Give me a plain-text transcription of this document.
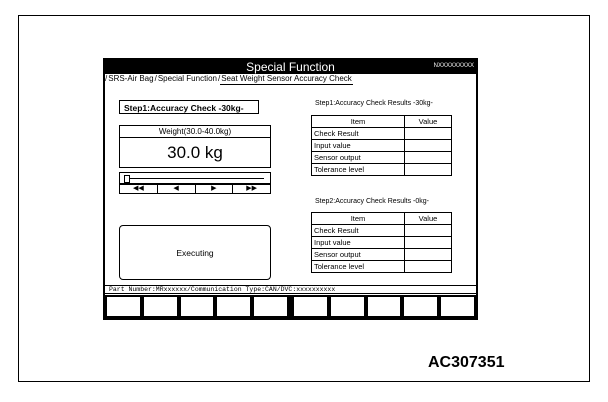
Special Function	NXXXXXXXXX
/SRS-Air Bag/Special Function/Seat Weight Sensor Accuracy Check
Step1:Accuracy Check -30kg-
Weight(30.0-40.0kg)
30.0 kg
◀◀	◀	▶	▶▶
Executing
Step1:Accuracy Check Results -30kg-
Item	Value
Check Result	
Input value	
Sensor output	
Tolerance level	
Step2:Accuracy Check Results -0kg-
Item	Value
Check Result	
Input value	
Sensor output	
Tolerance level	
Part Number:MRxxxxxx/Communication Type:CAN/DVC:xxxxxxxxxx
AC307351
